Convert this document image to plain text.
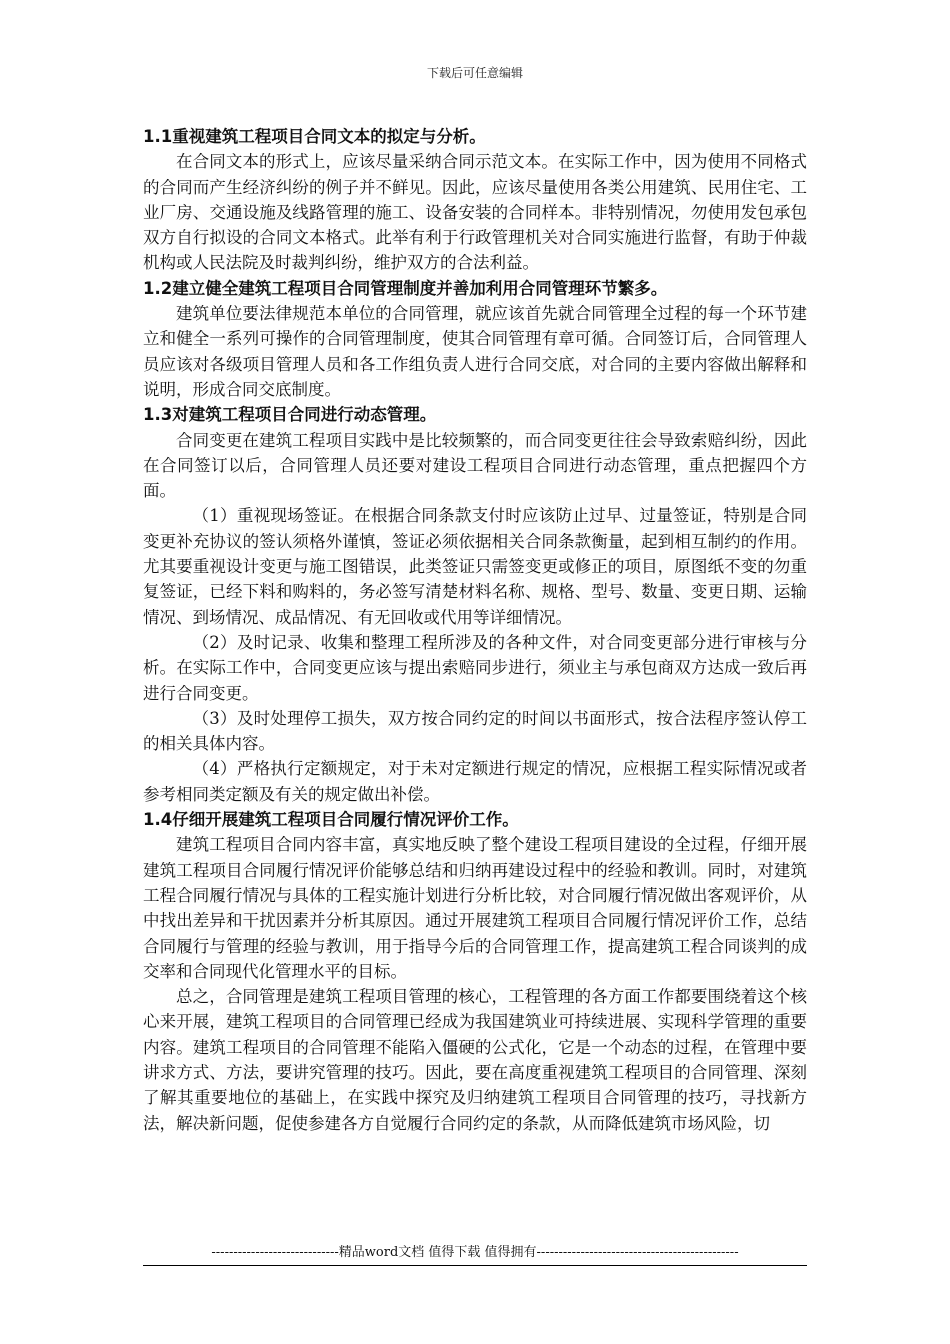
下载后可任意编辑

1.1重视建筑工程项目合同文本的拟定与分析。

在合同文本的形式上，应该尽量采纳合同示范文本。在实际工作中，因为使用不同格式的合同而产生经济纠纷的例子并不鲜见。因此，应该尽量使用各类公用建筑、民用住宅、工业厂房、交通设施及线路管理的施工、设备安装的合同样本。非特别情况，勿使用发包承包双方自行拟设的合同文本格式。此举有利于行政管理机关对合同实施进行监督，有助于仲裁机构或人民法院及时裁判纠纷，维护双方的合法利益。

1.2建立健全建筑工程项目合同管理制度并善加利用合同管理环节繁多。

建筑单位要法律规范本单位的合同管理，就应该首先就合同管理全过程的每一个环节建立和健全一系列可操作的合同管理制度，使其合同管理有章可循。合同签订后，合同管理人员应该对各级项目管理人员和各工作组负责人进行合同交底，对合同的主要内容做出解释和说明，形成合同交底制度。

1.3对建筑工程项目合同进行动态管理。

合同变更在建筑工程项目实践中是比较频繁的，而合同变更往往会导致索赔纠纷，因此在合同签订以后，合同管理人员还要对建设工程项目合同进行动态管理，重点把握四个方面。

（1）重视现场签证。在根据合同条款支付时应该防止过早、过量签证，特别是合同变更补充协议的签认须格外谨慎，签证必须依据相关合同条款衡量，起到相互制约的作用。尤其要重视设计变更与施工图错误，此类签证只需签变更或修正的项目，原图纸不变的勿重复签证，已经下料和购料的，务必签写清楚材料名称、规格、型号、数量、变更日期、运输情况、到场情况、成品情况、有无回收或代用等详细情况。

（2）及时记录、收集和整理工程所涉及的各种文件，对合同变更部分进行审核与分析。在实际工作中，合同变更应该与提出索赔同步进行，须业主与承包商双方达成一致后再进行合同变更。

（3）及时处理停工损失，双方按合同约定的时间以书面形式，按合法程序签认停工的相关具体内容。

（4）严格执行定额规定，对于未对定额进行规定的情况，应根据工程实际情况或者参考相同类定额及有关的规定做出补偿。

1.4仔细开展建筑工程项目合同履行情况评价工作。

建筑工程项目合同内容丰富，真实地反映了整个建设工程项目建设的全过程，仔细开展建筑工程项目合同履行情况评价能够总结和归纳再建设过程中的经验和教训。同时，对建筑工程合同履行情况与具体的工程实施计划进行分析比较，对合同履行情况做出客观评价，从中找出差异和干扰因素并分析其原因。通过开展建筑工程项目合同履行情况评价工作，总结合同履行与管理的经验与教训，用于指导今后的合同管理工作，提高建筑工程合同谈判的成交率和合同现代化管理水平的目标。

总之，合同管理是建筑工程项目管理的核心，工程管理的各方面工作都要围绕着这个核心来开展，建筑工程项目的合同管理已经成为我国建筑业可持续进展、实现科学管理的重要内容。建筑工程项目的合同管理不能陷入僵硬的公式化，它是一个动态的过程，在管理中要讲求方式、方法，要讲究管理的技巧。因此，要在高度重视建筑工程项目的合同管理、深刻了解其重要地位的基础上，在实践中探究及归纳建筑工程项目合同管理的技巧，寻找新方法，解决新问题，促使参建各方自觉履行合同约定的条款，从而降低建筑市场风险，切

-----------------------------精品word文档 值得下载 值得拥有----------------------------------------------
